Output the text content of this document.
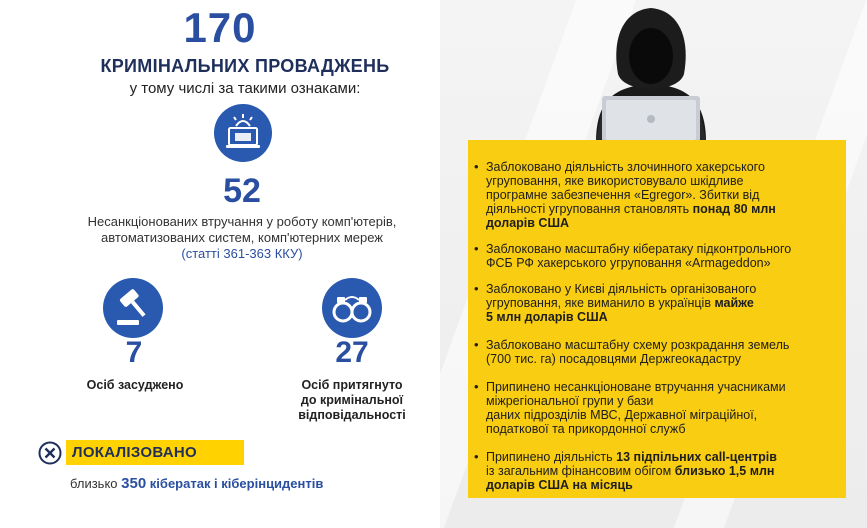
170
КРИМІНАЛЬНИХ ПРОВАДЖЕНЬ
у тому числі за такими ознаками:
52
Несанкціонованих втручання у роботу комп'ютерів,
автоматизованих систем, комп'ютерних мереж
(статті 361-363 ККУ)
7
Осіб засуджено
27
Осіб притягнуто
до кримінальної
відповідальності
ЛОКАЛІЗОВАНО
близько 350 кібератак і кіберінцидентів
• Заблоковано діяльність злочинного хакерського
угруповання, яке використовувало шкідливе
програмне забезпечення «Egregor». Збитки від
діяльності угруповання становлять понад 80 млн
доларів США
• Заблоковано масштабну кібератаку підконтрольного
ФСБ РФ хакерського угруповання «Armageddon»
• Заблоковано у Києві діяльність організованого
угруповання, яке виманило в українців майже
5 млн доларів США
• Заблоковано масштабну схему розкрадання земель
(700 тис. га) посадовцями Держгеокадастру
• Припинено несанкціоноване втручання учасниками
міжрегіональної групи у бази
даних підрозділів МВС, Державної міграційної,
податкової та прикордонної служб
• Припинено діяльність 13 підпільних call-центрів
із загальним фінансовим обігом близько 1,5 млн
доларів США на місяць
